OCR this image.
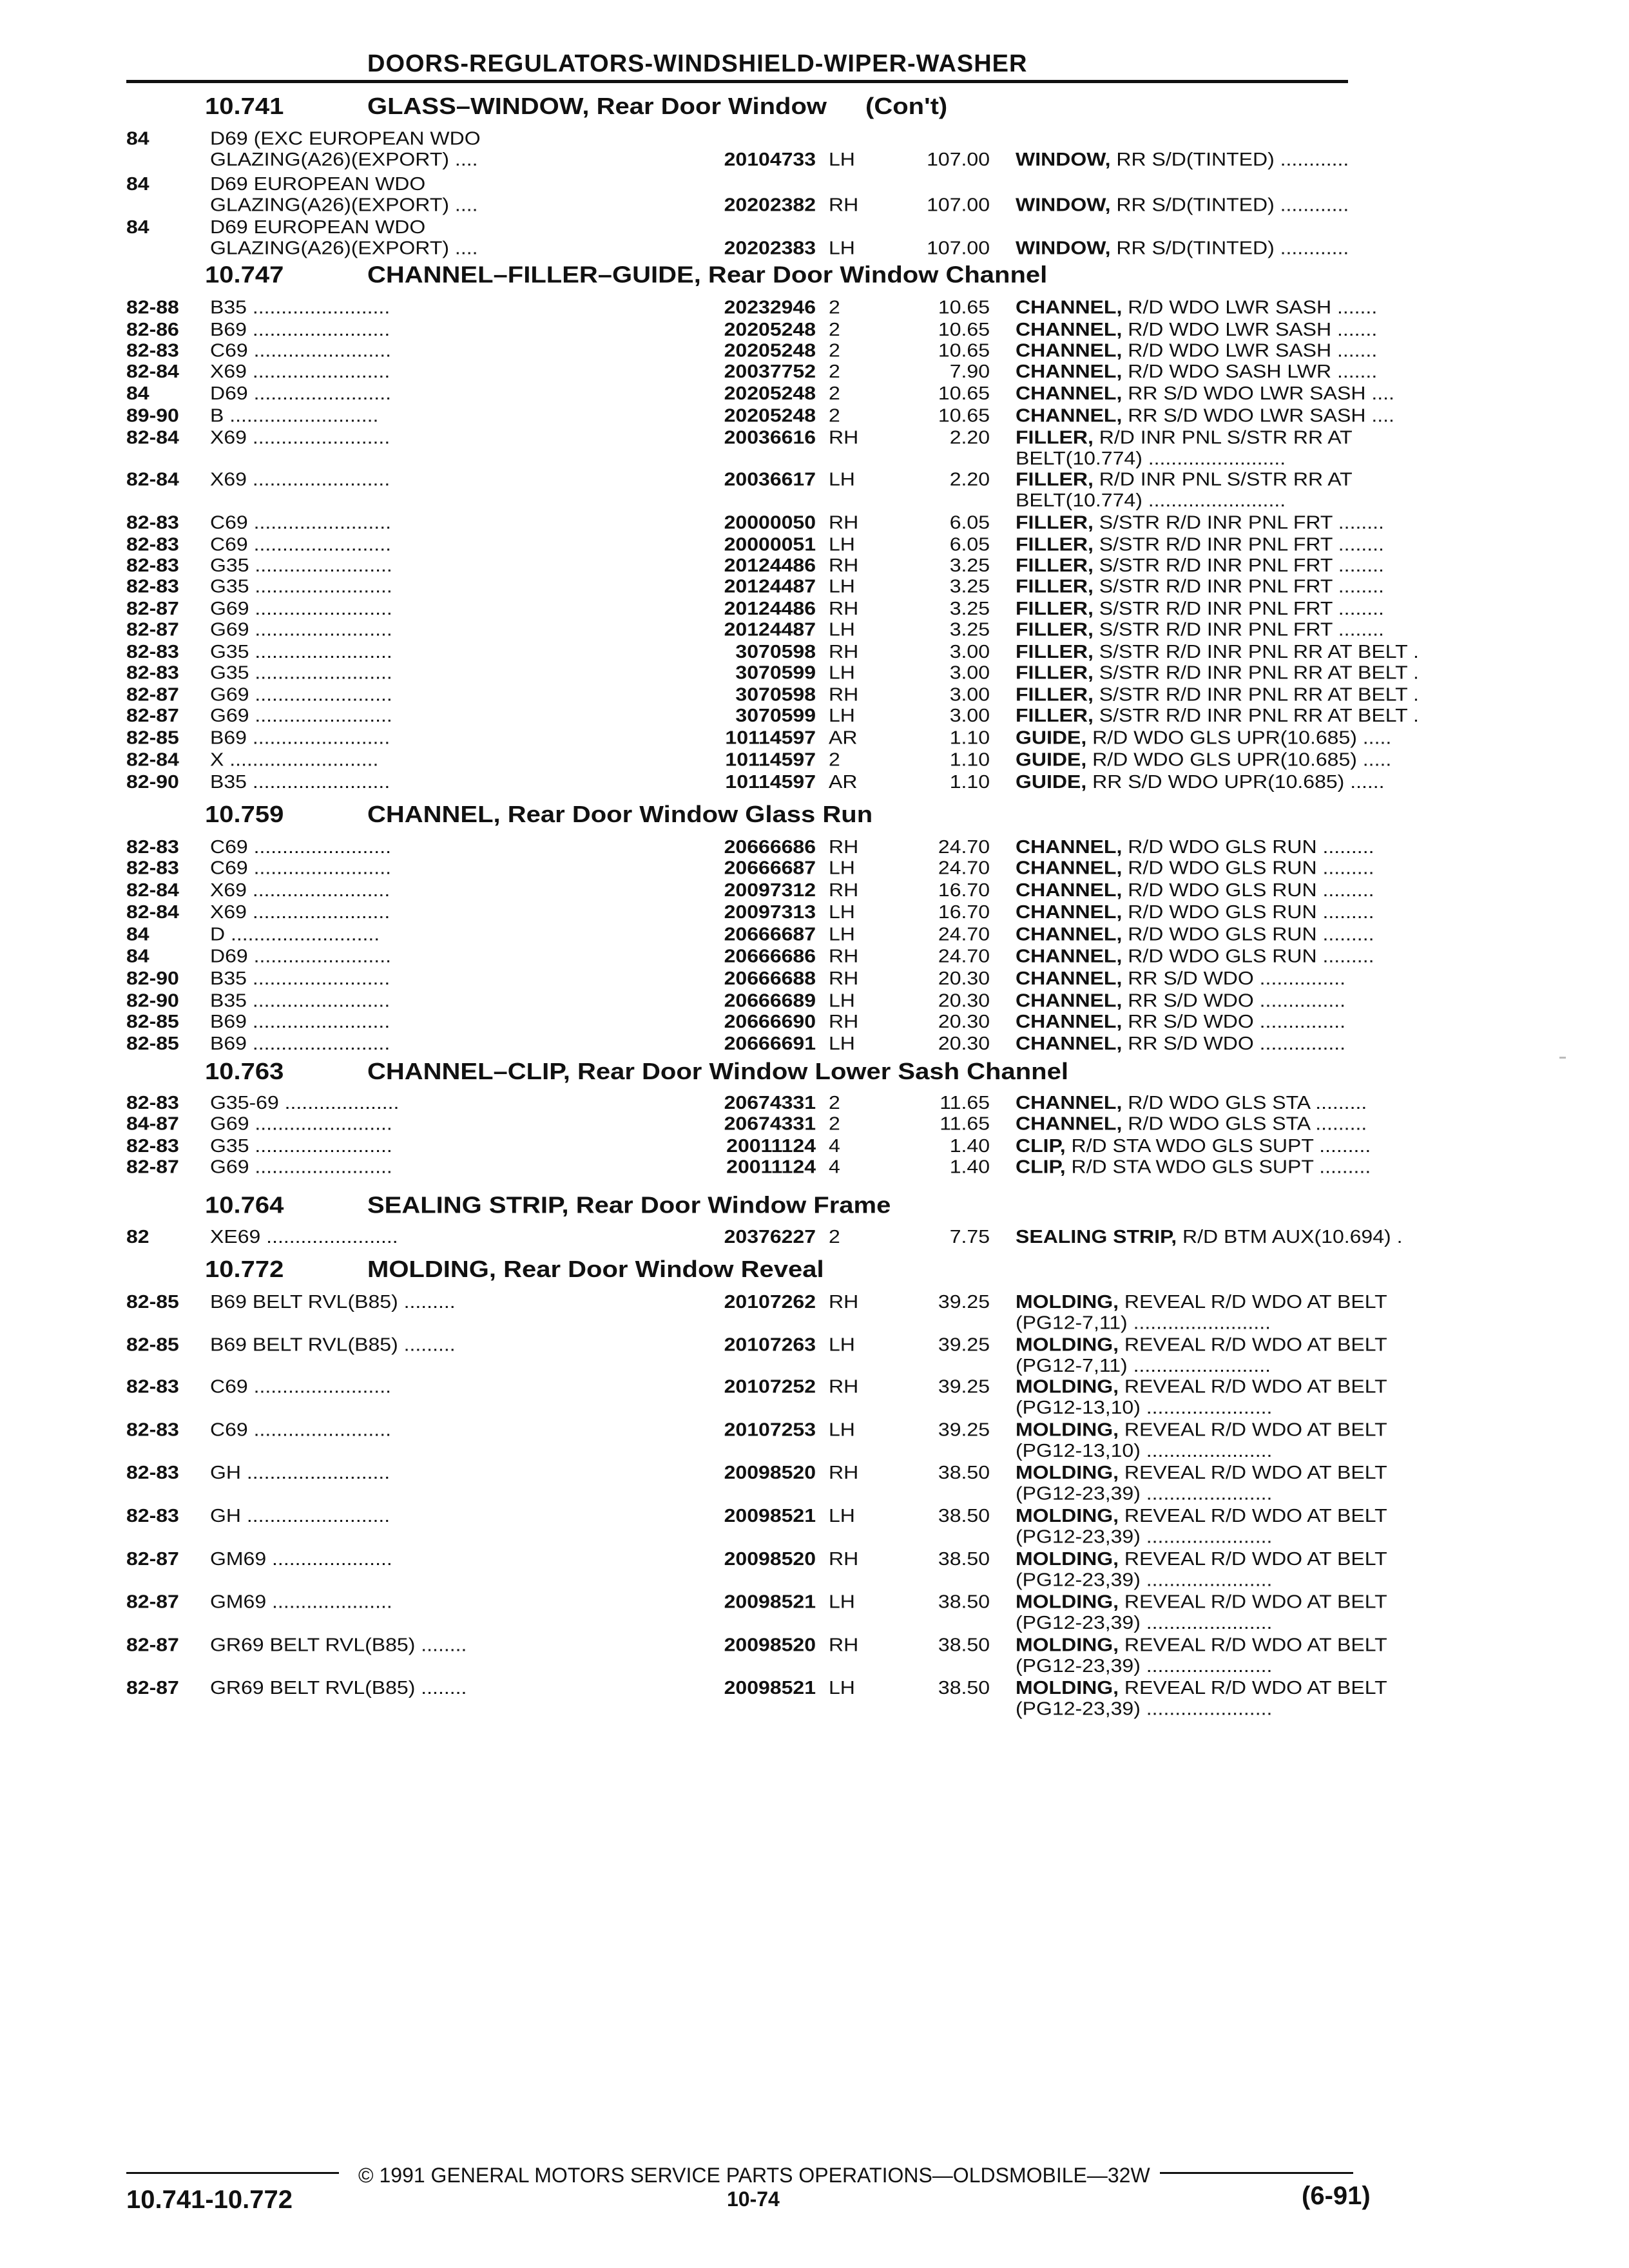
DOORS-REGULATORS-WINDSHIELD-WIPER-WASHER
10.741	GLASS–WINDOW, Rear Door Window (Con't)
84	D69 (EXC EUROPEAN WDO
GLAZING(A26)(EXPORT) ....	20104733 LH	107.00 WINDOW, RR S/D(TINTED) ............
84	D69 EUROPEAN WDO
GLAZING(A26)(EXPORT) ....	20202382 RH	107.00 WINDOW, RR S/D(TINTED) ............
84	D69 EUROPEAN WDO
GLAZING(A26)(EXPORT) ....	20202383 LH	107.00 WINDOW, RR S/D(TINTED) ............
10.747	CHANNEL–FILLER–GUIDE, Rear Door Window Channel
82-88 B35 ........................	20232946 2	10.65 CHANNEL, R/D WDO LWR SASH .......
82-86 B69 ........................	20205248 2	10.65 CHANNEL, R/D WDO LWR SASH .......
82-83 C69 ........................	20205248 2	10.65 CHANNEL, R/D WDO LWR SASH .......
82-84 X69 ........................	20037752 2	7.90 CHANNEL, R/D WDO SASH LWR .......
84	D69 ........................	20205248 2	10.65 CHANNEL, RR S/D WDO LWR SASH ....
89-90 B ..........................	20205248 2	10.65 CHANNEL, RR S/D WDO LWR SASH ....
82-84 X69 ........................	20036616 RH	2.20 FILLER, R/D INR PNL S/STR RR AT
BELT(10.774) ........................
82-84 X69 ........................	20036617 LH	2.20 FILLER, R/D INR PNL S/STR RR AT
BELT(10.774) ........................
82-83 C69 ........................	20000050 RH	6.05 FILLER, S/STR R/D INR PNL FRT ........
82-83 C69 ........................	20000051 LH	6.05 FILLER, S/STR R/D INR PNL FRT ........
82-83 G35 ........................	20124486 RH	3.25 FILLER, S/STR R/D INR PNL FRT ........
82-83 G35 ........................	20124487 LH	3.25 FILLER, S/STR R/D INR PNL FRT ........
82-87 G69 ........................	20124486 RH	3.25 FILLER, S/STR R/D INR PNL FRT ........
82-87 G69 ........................	20124487 LH	3.25 FILLER, S/STR R/D INR PNL FRT ........
82-83 G35 ........................	3070598 RH	3.00 FILLER, S/STR R/D INR PNL RR AT BELT .
82-83 G35 ........................	3070599 LH	3.00 FILLER, S/STR R/D INR PNL RR AT BELT .
82-87 G69 ........................	3070598 RH	3.00 FILLER, S/STR R/D INR PNL RR AT BELT .
82-87 G69 ........................	3070599 LH	3.00 FILLER, S/STR R/D INR PNL RR AT BELT .
82-85 B69 ........................	10114597 AR	1.10 GUIDE, R/D WDO GLS UPR(10.685) .....
82-84 X ..........................	10114597 2	1.10 GUIDE, R/D WDO GLS UPR(10.685) .....
82-90 B35 ........................	10114597 AR	1.10 GUIDE, RR S/D WDO UPR(10.685) ......
10.759	CHANNEL, Rear Door Window Glass Run
82-83 C69 ........................	20666686 RH	24.70 CHANNEL, R/D WDO GLS RUN .........
82-83 C69 ........................	20666687 LH	24.70 CHANNEL, R/D WDO GLS RUN .........
82-84 X69 ........................	20097312 RH	16.70 CHANNEL, R/D WDO GLS RUN .........
82-84 X69 ........................	20097313 LH	16.70 CHANNEL, R/D WDO GLS RUN .........
84	D ..........................	20666687 LH	24.70 CHANNEL, R/D WDO GLS RUN .........
84	D69 ........................	20666686 RH	24.70 CHANNEL, R/D WDO GLS RUN .........
82-90 B35 ........................	20666688 RH	20.30 CHANNEL, RR S/D WDO ...............
82-90 B35 ........................	20666689 LH	20.30 CHANNEL, RR S/D WDO ...............
82-85 B69 ........................	20666690 RH	20.30 CHANNEL, RR S/D WDO ...............
82-85 B69 ........................	20666691 LH	20.30 CHANNEL, RR S/D WDO ...............
10.763	CHANNEL–CLIP, Rear Door Window Lower Sash Channel
82-83 G35-69 ....................	20674331 2	11.65 CHANNEL, R/D WDO GLS STA .........
84-87 G69 ........................	20674331 2	11.65 CHANNEL, R/D WDO GLS STA .........
82-83 G35 ........................	20011124 4	1.40 CLIP, R/D STA WDO GLS SUPT .........
82-87 G69 ........................	20011124 4	1.40 CLIP, R/D STA WDO GLS SUPT .........
10.764	SEALING STRIP, Rear Door Window Frame
82	XE69 .......................	20376227 2	7.75 SEALING STRIP, R/D BTM AUX(10.694) .
10.772	MOLDING, Rear Door Window Reveal
82-85 B69 BELT RVL(B85) .........	20107262 RH	39.25 MOLDING, REVEAL R/D WDO AT BELT
(PG12-7,11) ........................
82-85 B69 BELT RVL(B85) .........	20107263 LH	39.25 MOLDING, REVEAL R/D WDO AT BELT
(PG12-7,11) ........................
82-83 C69 ........................	20107252 RH	39.25 MOLDING, REVEAL R/D WDO AT BELT
(PG12-13,10) ......................
82-83 C69 ........................	20107253 LH	39.25 MOLDING, REVEAL R/D WDO AT BELT
(PG12-13,10) ......................
82-83 GH .........................	20098520 RH	38.50 MOLDING, REVEAL R/D WDO AT BELT
(PG12-23,39) ......................
82-83 GH .........................	20098521 LH	38.50 MOLDING, REVEAL R/D WDO AT BELT
(PG12-23,39) ......................
82-87 GM69 .....................	20098520 RH	38.50 MOLDING, REVEAL R/D WDO AT BELT
(PG12-23,39) ......................
82-87 GM69 .....................	20098521 LH	38.50 MOLDING, REVEAL R/D WDO AT BELT
(PG12-23,39) ......................
82-87 GR69 BELT RVL(B85) ........	20098520 RH	38.50 MOLDING, REVEAL R/D WDO AT BELT
(PG12-23,39) ......................
82-87 GR69 BELT RVL(B85) ........	20098521 LH	38.50 MOLDING, REVEAL R/D WDO AT BELT
(PG12-23,39) ......................
© 1991 GENERAL MOTORS SERVICE PARTS OPERATIONS—OLDSMOBILE—32W
10.741-10.772	10-74	(6-91)
